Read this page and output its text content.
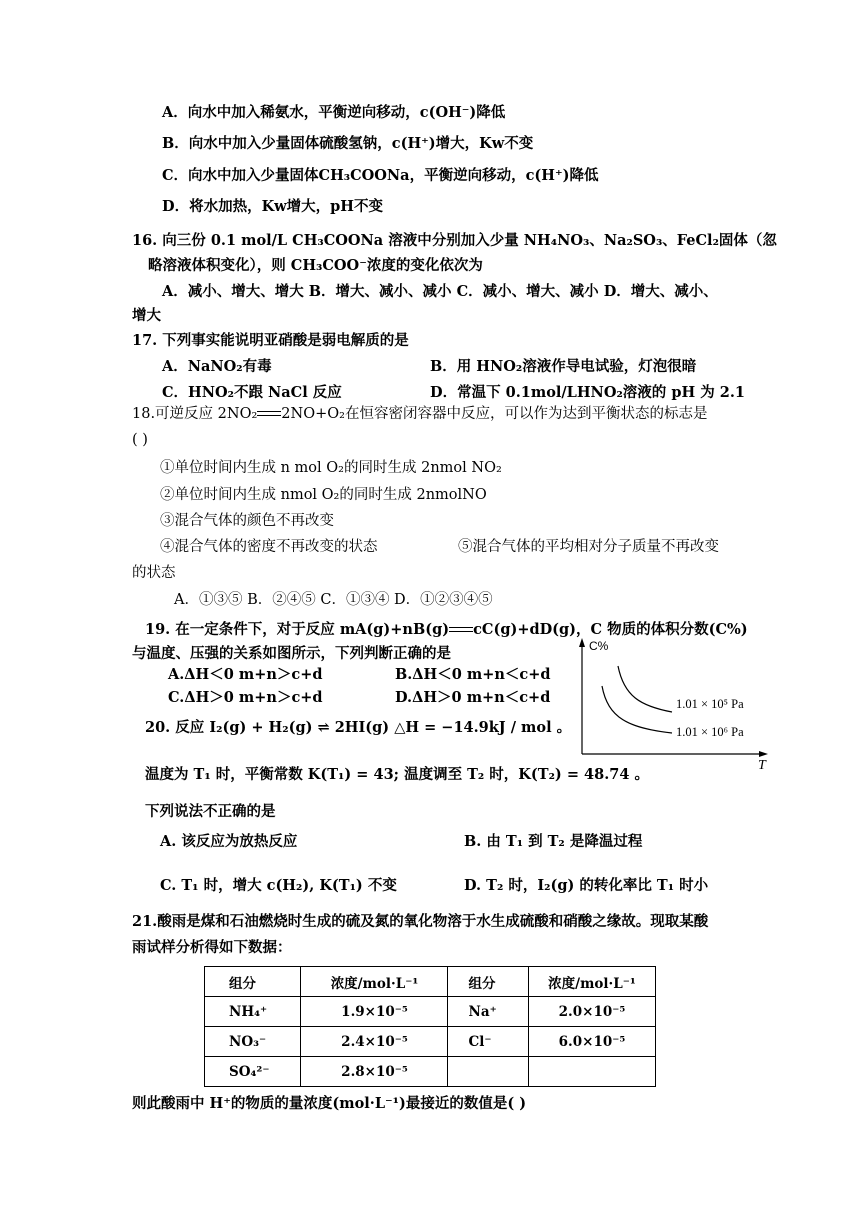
A．向水中加入稀氨水，平衡逆向移动，c(OH⁻)降低
B．向水中加入少量固体硫酸氢钠，c(H⁺)增大，Kw不变
C．向水中加入少量固体CH₃COONa，平衡逆向移动，c(H⁺)降低
D．将水加热，Kw增大，pH不变
16. 向三份 0.1 mol/L CH₃COONa 溶液中分别加入少量 NH₄NO₃、Na₂SO₃、FeCl₂固体（忽
略溶液体积变化），则 CH₃COO⁻浓度的变化依次为
A．减小、增大、增大 B．增大、减小、减小 C．减小、增大、减小 D．增大、减小、
增大
17. 下列事实能说明亚硝酸是弱电解质的是
A．NaNO₂有毒	B．用 HNO₂溶液作导电试验，灯泡很暗
C．HNO₂不跟 NaCl 反应	D．常温下 0.1mol/LHNO₂溶液的 pH 为 2.1
18.可逆反应 2NO₂ 2NO+O₂在恒容密闭容器中反应，可以作为达到平衡状态的标志是
( )
①单位时间内生成 n mol O₂的同时生成 2nmol NO₂
②单位时间内生成 nmol O₂的同时生成 2nmolNO
③混合气体的颜色不再改变
④混合气体的密度不再改变的状态	⑤混合气体的平均相对分子质量不再改变
的状态
A．①③⑤ B．②④⑤ C．①③④ D．①②③④⑤
19. 在一定条件下，对于反应 mA(g)+nB(g) cC(g)+dD(g)，C 物质的体积分数(C%)
与温度、压强的关系如图所示，下列判断正确的是
A.ΔH＜0 m+n＞c+d	B.ΔH＜0 m+n＜c+d
C.ΔH＞0 m+n＞c+d	D.ΔH＞0 m+n＜c+d
C%
T
1.01 × 10⁵ Pa
1.01 × 10⁶ Pa
20. 反应 I₂(g) + H₂(g) ⇌ 2HI(g) △H = −14.9kJ / mol 。
温度为 T₁ 时，平衡常数 K(T₁) = 43; 温度调至 T₂ 时，K(T₂) = 48.74 。
下列说法不正确的是
A. 该反应为放热反应	B. 由 T₁ 到 T₂ 是降温过程
C. T₁ 时，增大 c(H₂), K(T₁) 不变	D. T₂ 时，I₂(g) 的转化率比 T₁ 时小
21.酸雨是煤和石油燃烧时生成的硫及氮的氧化物溶于水生成硫酸和硝酸之缘故。现取某酸
雨试样分析得如下数据：
组分	浓度/mol·L⁻¹	组分	浓度/mol·L⁻¹
NH₄⁺	1.9×10⁻⁵	Na⁺	2.0×10⁻⁵
NO₃⁻	2.4×10⁻⁵	Cl⁻	6.0×10⁻⁵
SO₄²⁻	2.8×10⁻⁵		
则此酸雨中 H⁺的物质的量浓度(mol·L⁻¹)最接近的数值是( )
